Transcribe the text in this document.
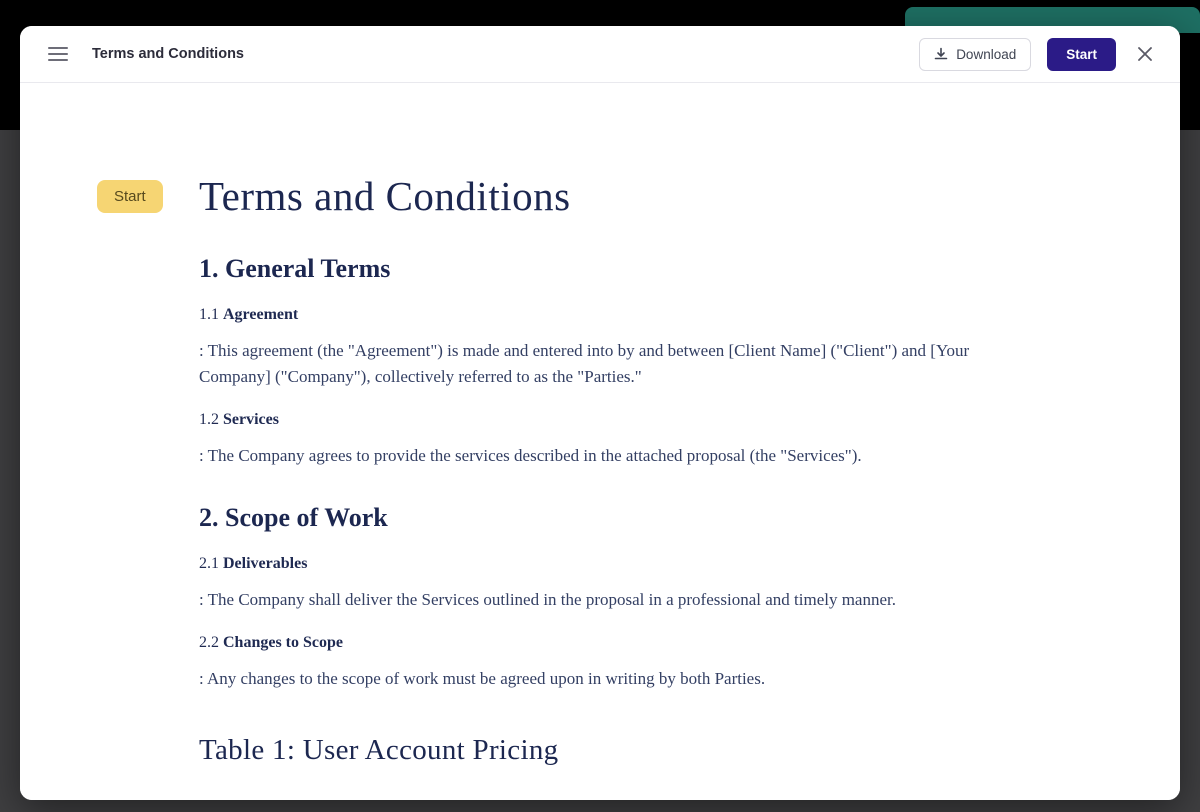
Terms and Conditions	Download	Start
Start	Terms and Conditions
1. General Terms
1.1 Agreement

: This agreement (the "Agreement") is made and entered into by and between [Client Name] ("Client") and [Your Company] ("Company"), collectively referred to as the "Parties."

1.2 Services

: The Company agrees to provide the services described in the attached proposal (the "Services").

2. Scope of Work
2.1 Deliverables

: The Company shall deliver the Services outlined in the proposal in a professional and timely manner.

2.2 Changes to Scope

: Any changes to the scope of work must be agreed upon in writing by both Parties.

Table 1: User Account Pricing
